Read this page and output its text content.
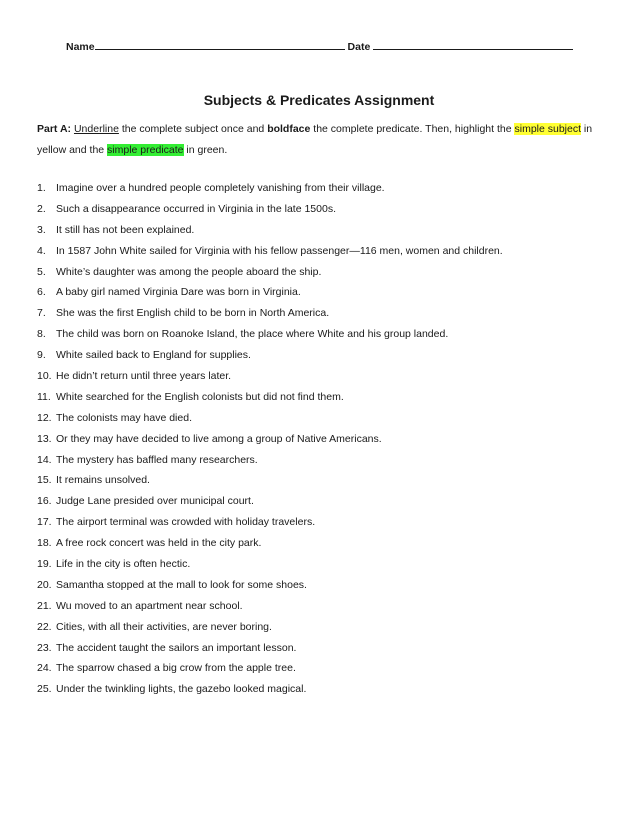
Name	Date
Subjects & Predicates Assignment
Part A: Underline the complete subject once and boldface the complete predicate. Then, highlight the simple subject in yellow and the simple predicate in green.
1. Imagine over a hundred people completely vanishing from their village.
2. Such a disappearance occurred in Virginia in the late 1500s.
3. It still has not been explained.
4. In 1587 John White sailed for Virginia with his fellow passenger—116 men, women and children.
5. White’s daughter was among the people aboard the ship.
6. A baby girl named Virginia Dare was born in Virginia.
7. She was the first English child to be born in North America.
8. The child was born on Roanoke Island, the place where White and his group landed.
9. White sailed back to England for supplies.
10. He didn’t return until three years later.
11. White searched for the English colonists but did not find them.
12. The colonists may have died.
13. Or they may have decided to live among a group of Native Americans.
14. The mystery has baffled many researchers.
15. It remains unsolved.
16. Judge Lane presided over municipal court.
17. The airport terminal was crowded with holiday travelers.
18. A free rock concert was held in the city park.
19. Life in the city is often hectic.
20. Samantha stopped at the mall to look for some shoes.
21. Wu moved to an apartment near school.
22. Cities, with all their activities, are never boring.
23. The accident taught the sailors an important lesson.
24. The sparrow chased a big crow from the apple tree.
25. Under the twinkling lights, the gazebo looked magical.
